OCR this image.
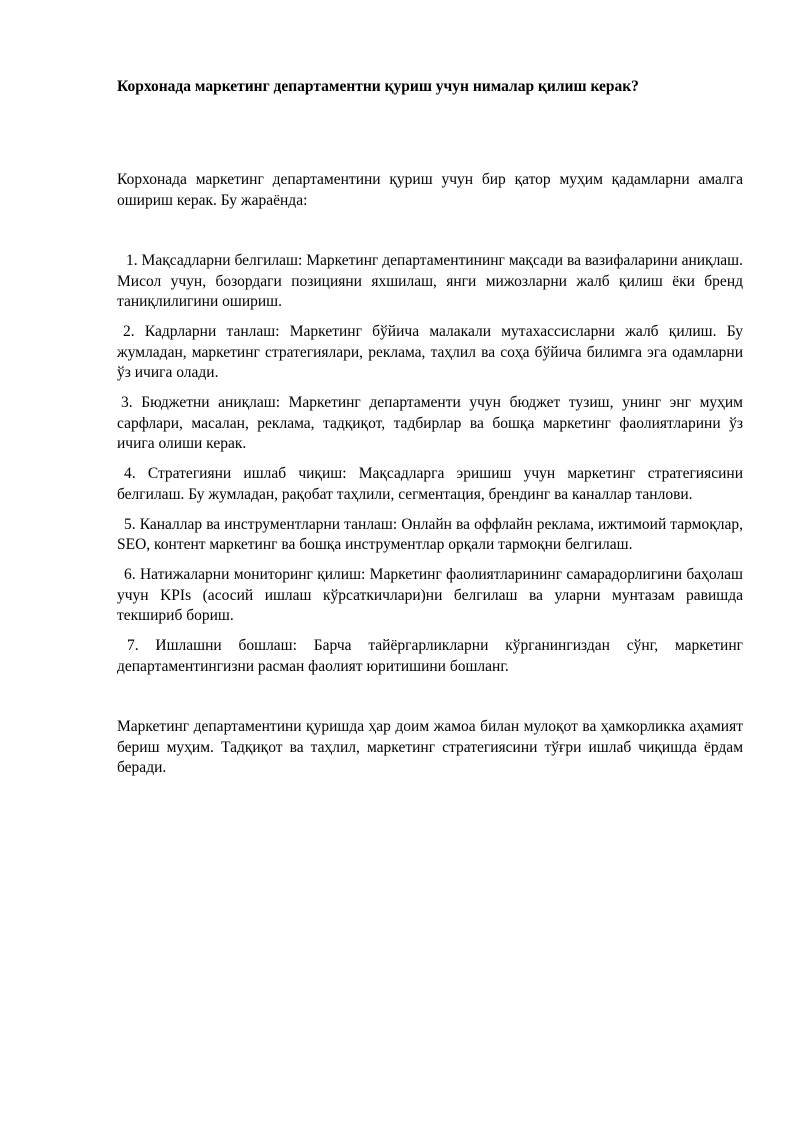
Корхонада маркетинг департаментни қуриш учун нималар қилиш керак?
Корхонада маркетинг департаментини қуриш учун бир қатор муҳим қадамларни амалга ошириш керак. Бу жараёнда:
1. Мақсадларни белгилаш: Маркетинг департаментининг мақсади ва вазифаларини аниқлаш. Мисол учун, бозордаги позицияни яхшилаш, янги мижозларни жалб қилиш ёки бренд таниқлилигини ошириш.
2. Кадрларни танлаш: Маркетинг бўйича малакали мутахассисларни жалб қилиш. Бу жумладан, маркетинг стратегиялари, реклама, таҳлил ва соҳа бўйича билимга эга одамларни ўз ичига олади.
3. Бюджетни аниқлаш: Маркетинг департаменти учун бюджет тузиш, унинг энг муҳим сарфлари, масалан, реклама, тадқиқот, тадбирлар ва бошқа маркетинг фаолиятларини ўз ичига олиши керак.
4. Стратегияни ишлаб чиқиш: Мақсадларга эришиш учун маркетинг стратегиясини белгилаш. Бу жумладан, рақобат таҳлили, сегментация, брендинг ва каналлар танлови.
5. Каналлар ва инструментларни танлаш: Онлайн ва оффлайн реклама, ижтимоий тармоқлар, SEO, контент маркетинг ва бошқа инструментлар орқали тармоқни белгилаш.
6. Натижаларни мониторинг қилиш: Маркетинг фаолиятларининг самарадорлигини баҳолаш учун KPIs (асосий ишлаш кўрсаткичлари)ни белгилаш ва уларни мунтазам равишда текшириб бориш.
7. Ишлашни бошлаш: Барча тайёргарликларни кўрганингиздан сўнг, маркетинг департаментингизни расман фаолият юритишини бошланг.
Маркетинг департаментини қуришда ҳар доим жамоа билан мулоқот ва ҳамкорликка аҳамият бериш муҳим. Тадқиқот ва таҳлил, маркетинг стратегиясини тўғри ишлаб чиқишда ёрдам беради.
